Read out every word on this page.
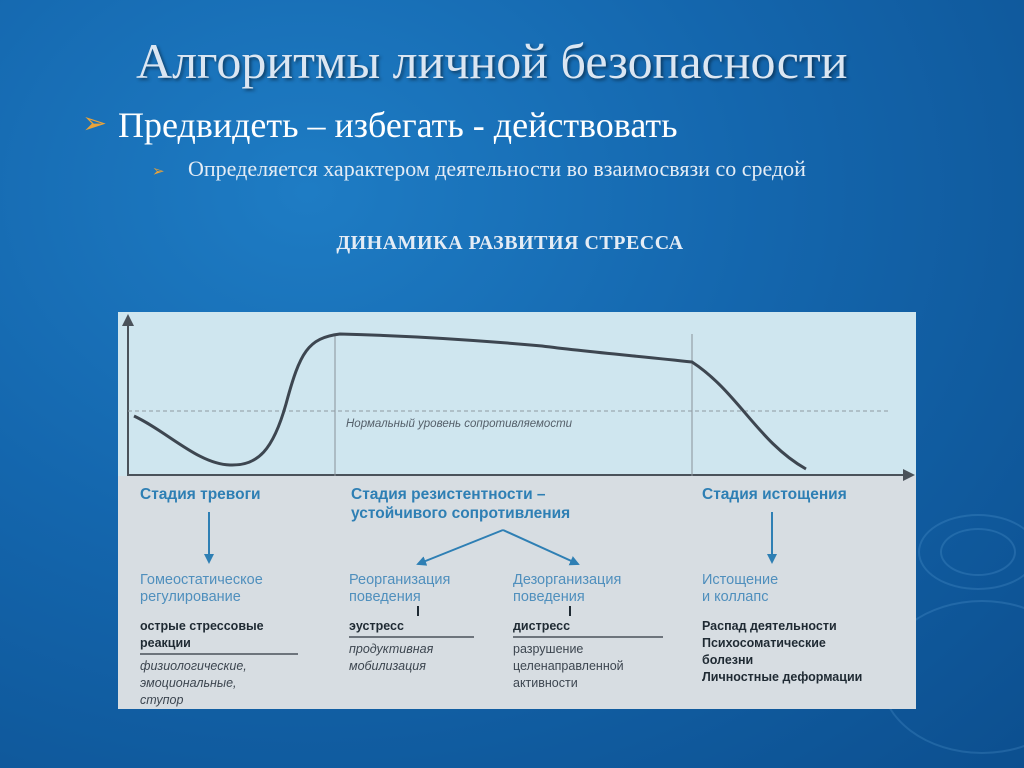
Алгоритмы личной безопасности
➢ Предвидеть – избегать - действовать
➢ Определяется характером деятельности во взаимосвязи со средой
ДИНАМИКА РАЗВИТИЯ СТРЕССА
Нормальный уровень сопротивляемости
Стадия тревоги	Стадия резистентности –
устойчивого сопротивления
Стадия истощения
Гомеостатическое
регулирование
острые стрессовые
реакции
физиологические,
эмоциональные,
ступор
Реорганизация
поведения
эустресс
продуктивная
мобилизация
Дезорганизация
поведения
дистресс
разрушение
целенаправленной
активности
Истощение
и коллапс
Распад деятельности
Психосоматические
болезни
Личностные деформации
